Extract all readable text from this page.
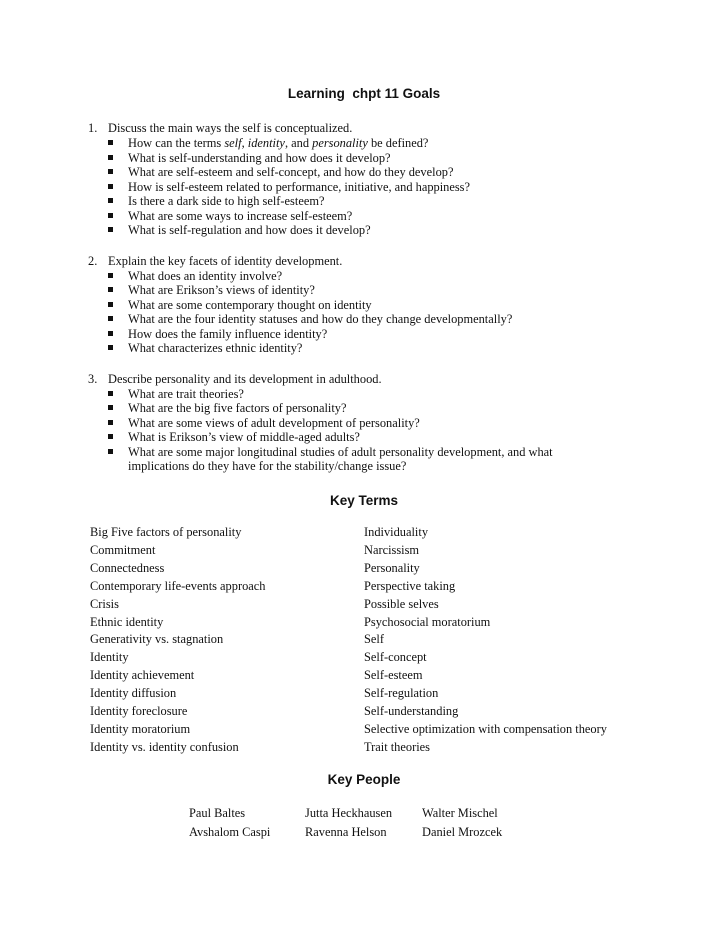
Learning  chpt 11 Goals
1. Discuss the main ways the self is conceptualized.
How can the terms self, identity, and personality be defined?
What is self-understanding and how does it develop?
What are self-esteem and self-concept, and how do they develop?
How is self-esteem related to performance, initiative, and happiness?
Is there a dark side to high self-esteem?
What are some ways to increase self-esteem?
What is self-regulation and how does it develop?
2. Explain the key facets of identity development.
What does an identity involve?
What are Erikson’s views of identity?
What are some contemporary thought on identity
What are the four identity statuses and how do they change developmentally?
How does the family influence identity?
What characterizes ethnic identity?
3. Describe personality and its development in adulthood.
What are trait theories?
What are the big five factors of personality?
What are some views of adult development of personality?
What is Erikson’s view of middle-aged adults?
What are some major longitudinal studies of adult personality development, and what implications do they have for the stability/change issue?
Key Terms
Big Five factors of personality
Commitment
Connectedness
Contemporary life-events approach
Crisis
Ethnic identity
Generativity vs. stagnation
Identity
Identity achievement
Identity diffusion
Identity foreclosure
Identity moratorium
Identity vs. identity confusion
Individuality
Narcissism
Personality
Perspective taking
Possible selves
Psychosocial moratorium
Self
Self-concept
Self-esteem
Self-regulation
Self-understanding
Selective optimization with compensation theory
Trait theories
Key People
Paul Baltes
Avshalom Caspi
Jutta Heckhausen
Ravenna Helson
Walter Mischel
Daniel Mrozcek
